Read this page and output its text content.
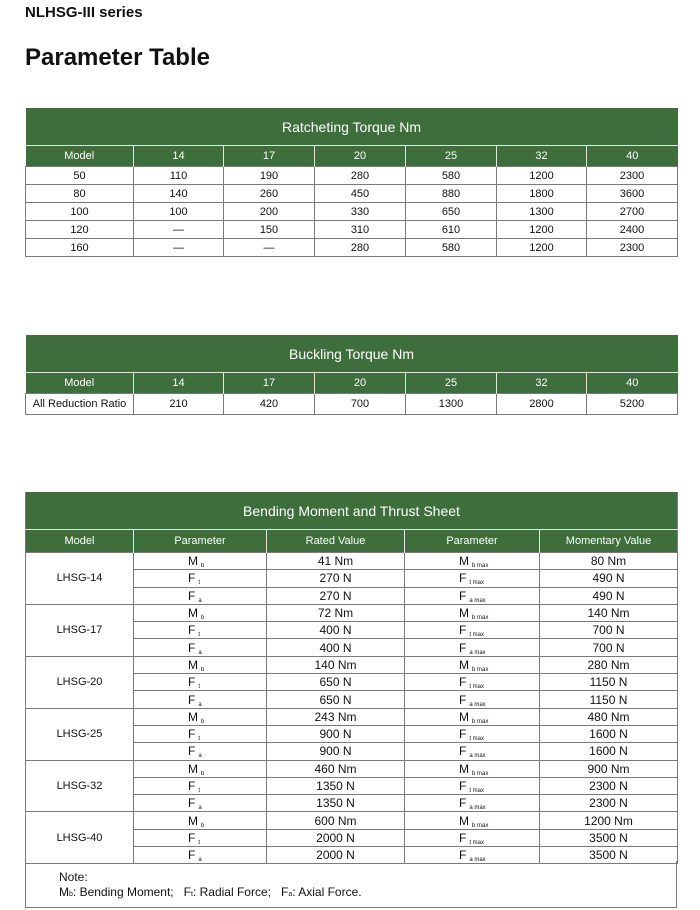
NLHSG-III series
Parameter Table
Ratcheting Torque Nm						
Model	14	17	20	25	32	40
50	110	190	280	580	1200	2300
80	140	260	450	880	1800	3600
100	100	200	330	650	1300	2700
120	—	150	310	610	1200	2400
160	—	—	280	580	1200	2300
Buckling Torque Nm						
Model	14	17	20	25	32	40
All Reduction Ratio	210	420	700	1300	2800	5200
Bending Moment and Thrust Sheet				
Model	Parameter	Rated Value	Parameter	Momentary Value
LHSG-14	M b	41 Nm	M b max	80 Nm
	F t	270 N	F t max	490 N
	F a	270 N	F a max	490 N
LHSG-17	M b	72 Nm	M b max	140 Nm
	F t	400 N	F t max	700 N
	F a	400 N	F a max	700 N
LHSG-20	M b	140 Nm	M b max	280 Nm
	F t	650 N	F t max	1150 N
	F a	650 N	F a max	1150 N
LHSG-25	M b	243 Nm	M b max	480 Nm
	F t	900 N	F t max	1600 N
	F a	900 N	F a max	1600 N
LHSG-32	M b	460 Nm	M b max	900 Nm
	F t	1350 N	F t max	2300 N
	F a	1350 N	F a max	2300 N
LHSG-40	M b	600 Nm	M b max	1200 Nm
	F t	2000 N	F t max	3500 N
	F a	2000 N	F a max	3500 N
Note:
Mb: Bending Moment; Ft: Radial Force; Fa: Axial Force.
